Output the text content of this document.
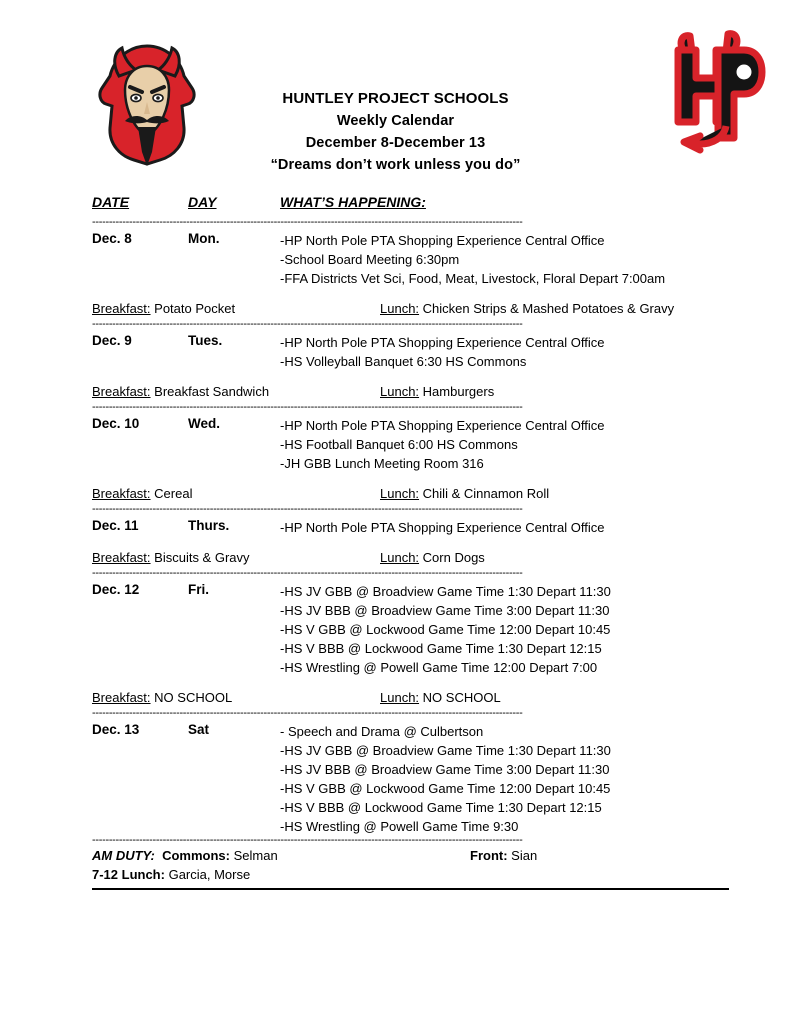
HUNTLEY PROJECT SCHOOLS
Weekly Calendar
December 8-December 13
“Dreams don’t work unless you do”
DATE	DAY	WHAT’S HAPPENING:
-----
Dec. 8	Mon.	-HP North Pole PTA Shopping Experience Central Office
-School Board Meeting 6:30pm
-FFA Districts Vet Sci, Food, Meat, Livestock, Floral Depart 7:00am
Breakfast: Potato Pocket	Lunch: Chicken Strips & Mashed Potatoes & Gravy
-----
Dec. 9	Tues.	-HP North Pole PTA Shopping Experience Central Office
-HS Volleyball Banquet 6:30 HS Commons
Breakfast: Breakfast Sandwich	Lunch: Hamburgers
-----
Dec. 10	Wed.	-HP North Pole PTA Shopping Experience Central Office
-HS Football Banquet 6:00 HS Commons
-JH GBB Lunch Meeting Room 316
Breakfast: Cereal	Lunch: Chili & Cinnamon Roll
-----
Dec. 11	Thurs.	-HP North Pole PTA Shopping Experience Central Office
Breakfast: Biscuits & Gravy	Lunch: Corn Dogs
-----
Dec. 12	Fri.	-HS JV GBB @ Broadview Game Time 1:30 Depart 11:30
-HS JV BBB @ Broadview Game Time 3:00 Depart 11:30
-HS V GBB @ Lockwood Game Time 12:00 Depart 10:45
-HS V BBB @ Lockwood Game Time 1:30 Depart 12:15
-HS Wrestling @ Powell Game Time 12:00 Depart 7:00
Breakfast: NO SCHOOL	Lunch: NO SCHOOL
-----
Dec. 13	Sat	- Speech and Drama @ Culbertson
-HS JV GBB @ Broadview Game Time 1:30 Depart 11:30
-HS JV BBB @ Broadview Game Time 3:00 Depart 11:30
-HS V GBB @ Lockwood Game Time 12:00 Depart 10:45
-HS V BBB @ Lockwood Game Time 1:30 Depart 12:15
-HS Wrestling @ Powell Game Time 9:30
-----
AM DUTY: Commons: Selman	Front: Sian
7-12 Lunch: Garcia, Morse
